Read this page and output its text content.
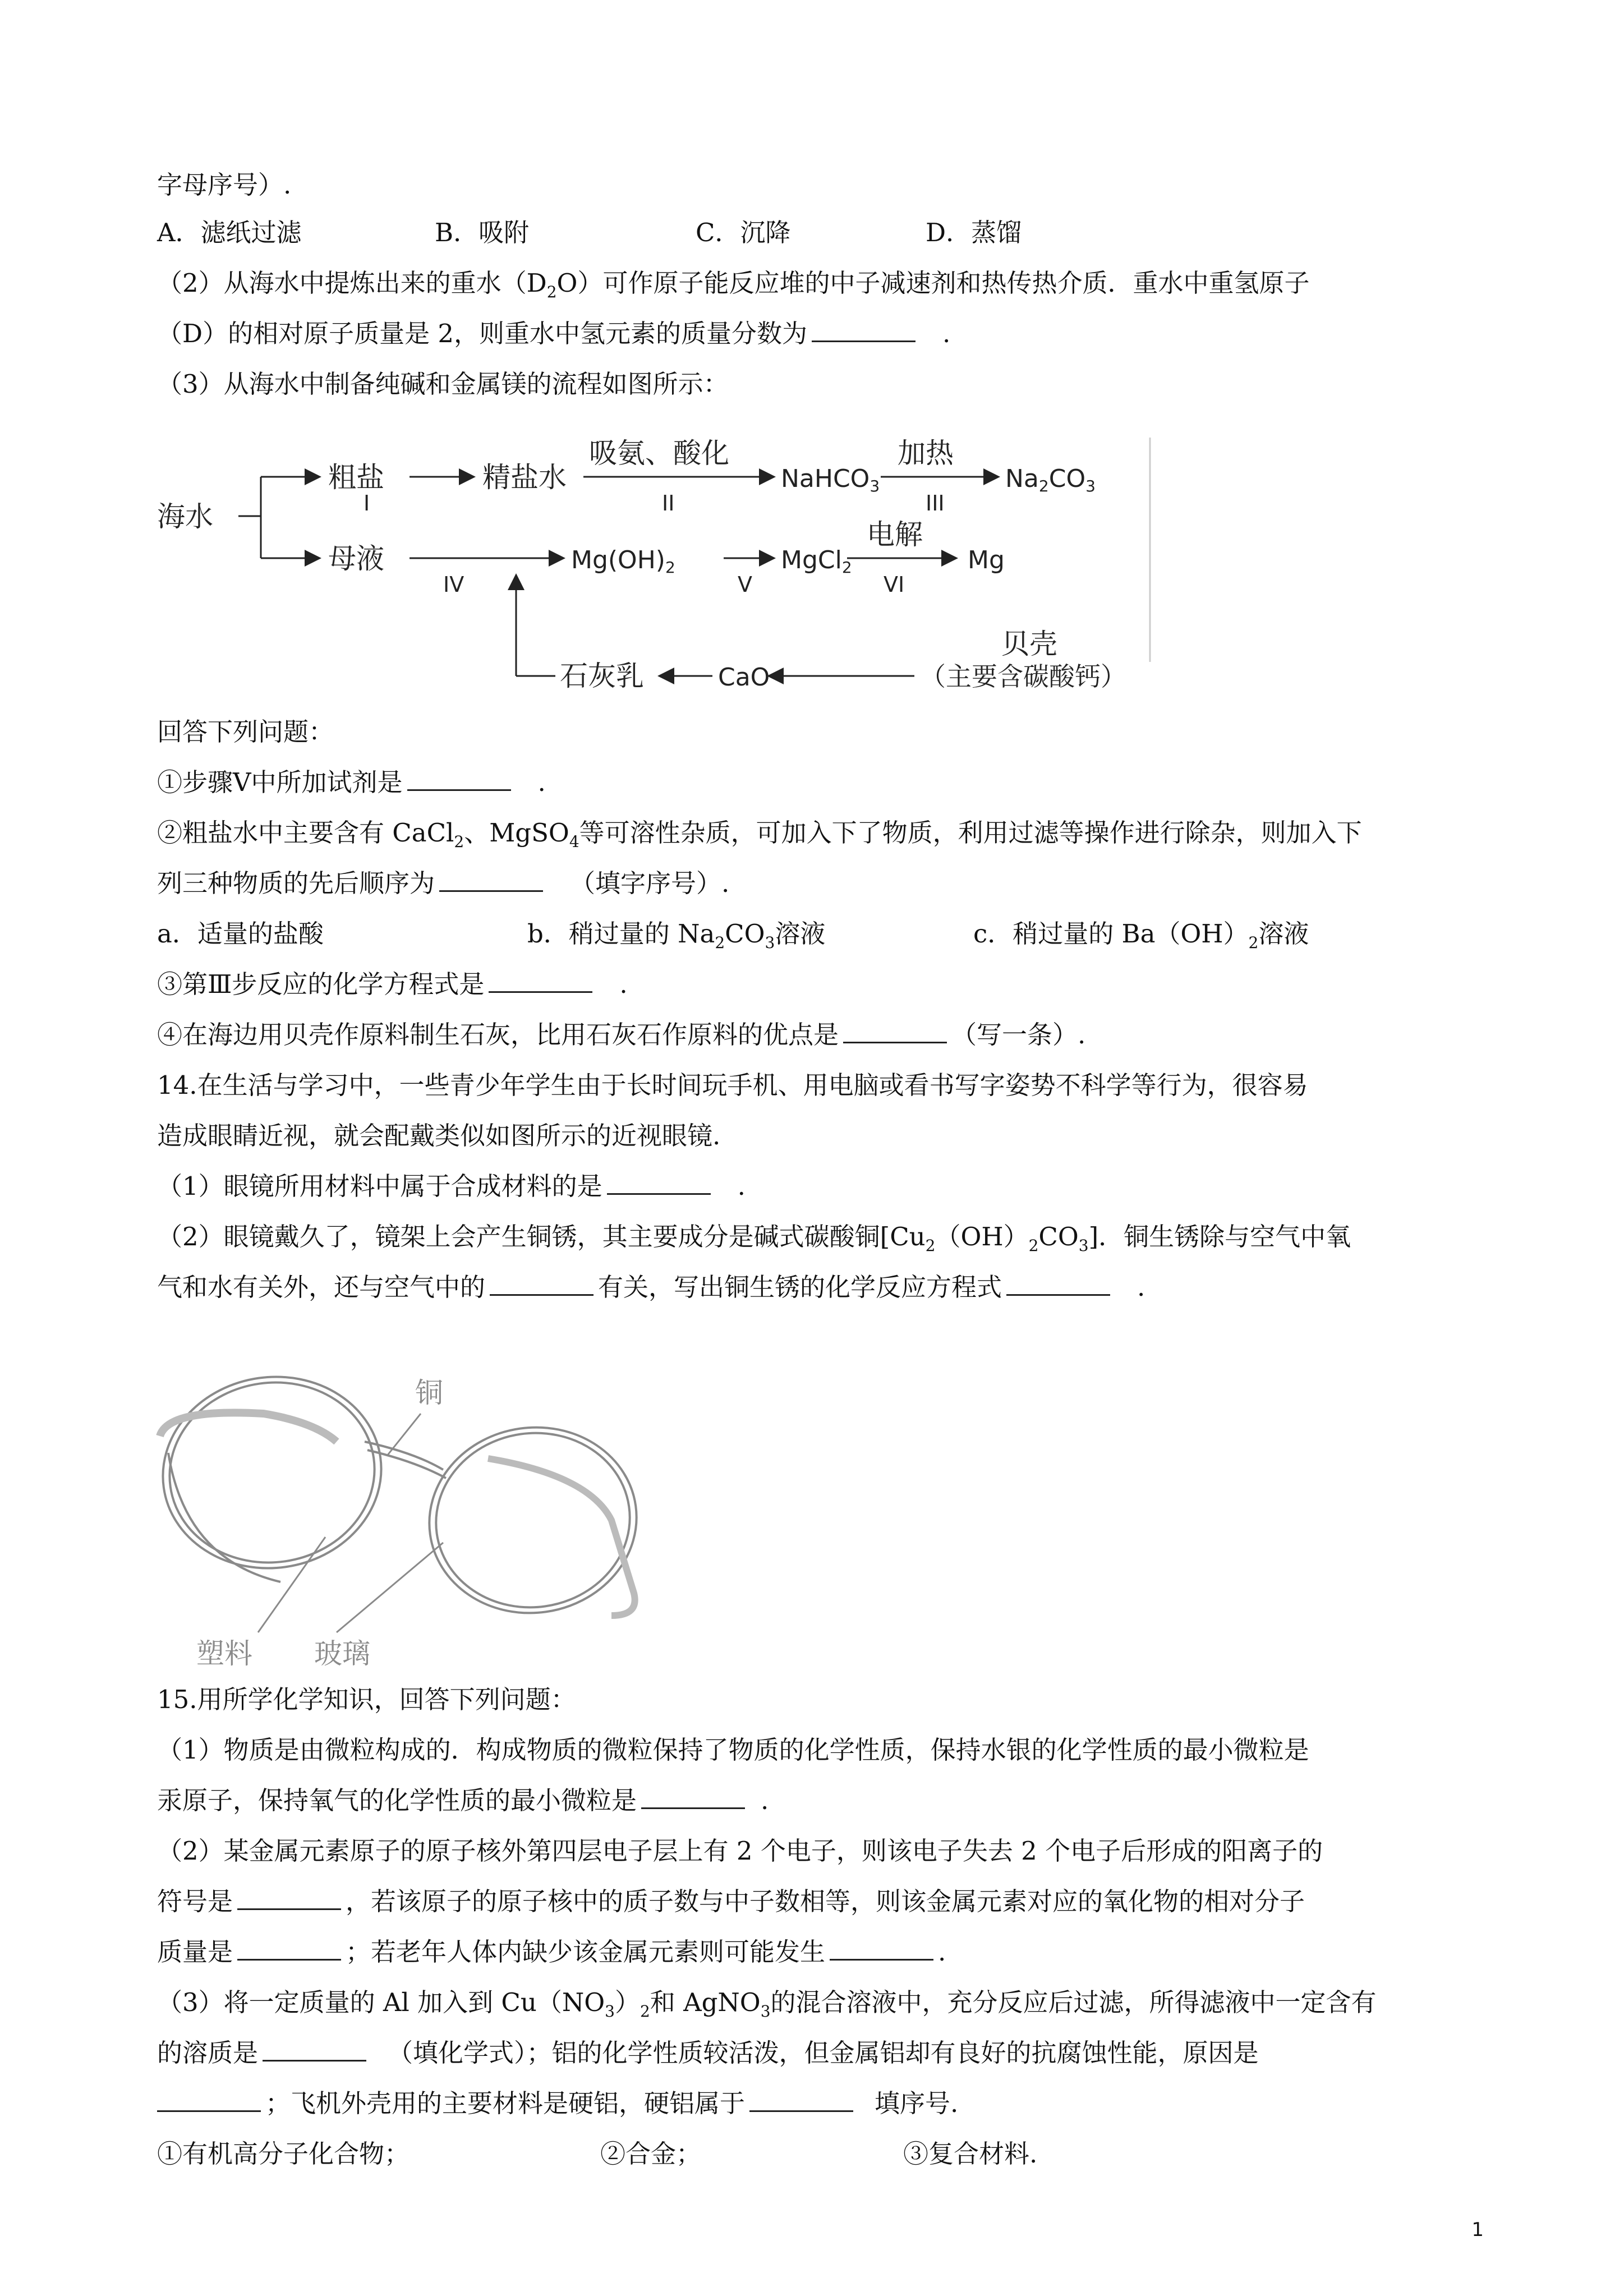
字母序号）.
A．滤纸过滤	B．吸附	C．沉降	D．蒸馏
（2）从海水中提炼出来的重水$(D_2O)$可作原子能反应堆的中子减速剂和热传热介质．重水中重氢原子
（D）的相对原子质量是 2，则重水中氢元素的质量分数为	.
（3）从海水中制备纯碱和金属镁的流程如图所示：
海水
粗盐
I
精盐水
吸氨、酸化
II
NaHCO3
加热
III
Na2CO3
母液
IV
Mg(OH)2
V
MgCl2
电解
VI
Mg
贝壳
（主要含碳酸钙）
CaO
石灰乳
回答下列问题：
①步骤Ⅴ中所加试剂是	.
②粗盐水中主要含有 CaCl$_2$、MgSO$_4$等可溶性杂质，可加入下了物质，利用过滤等操作进行除杂，则加入下
列三种物质的先后顺序为	（填字序号）.
a．适量的盐酸	b．稍过量的 $Na_2CO_3$溶液	c．稍过量的 $Ba(OH)_2$溶液
③第Ⅲ步反应的化学方程式是	.
④在海边用贝壳作原料制生石灰，比用石灰石作原料的优点是	（写一条）.
14.在生活与学习中，一些青少年学生由于长时间玩手机、用电脑或看书写字姿势不科学等行为，很容易
造成眼睛近视，就会配戴类似如图所示的近视眼镜.
（1）眼镜所用材料中属于合成材料的是	.
（2）眼镜戴久了，镜架上会产生铜锈，其主要成分是碱式碳酸铜$[Cu_2(OH)_2CO_3]$．铜生锈除与空气中氧
气和水有关外，还与空气中的	有关，写出铜生锈的化学反应方程式	.
铜
塑料 玻璃
15.用所学化学知识，回答下列问题：
（1）物质是由微粒构成的．构成物质的微粒保持了物质的化学性质，保持水银的化学性质的最小微粒是
汞原子，保持氧气的化学性质的最小微粒是	.
（2）某金属元素原子的原子核外第四层电子层上有 2 个电子，则该电子失去 2 个电子后形成的阳离子的
符号是	，若该原子的原子核中的质子数与中子数相等，则该金属元素对应的氧化物的相对分子
质量是	；若老年人体内缺少该金属元素则可能发生	.
（3）将一定质量的 Al 加入到 $Cu(NO_3)_2$和 AgNO$_3$的混合溶液中，充分反应后过滤，所得滤液中一定含有
的溶质是	（填化学式）；铝的化学性质较活泼，但金属铝却有良好的抗腐蚀性能，原因是
；飞机外壳用的主要材料是硬铝，硬铝属于	填序号.
①有机高分子化合物；	②合金；	③复合材料.
1
